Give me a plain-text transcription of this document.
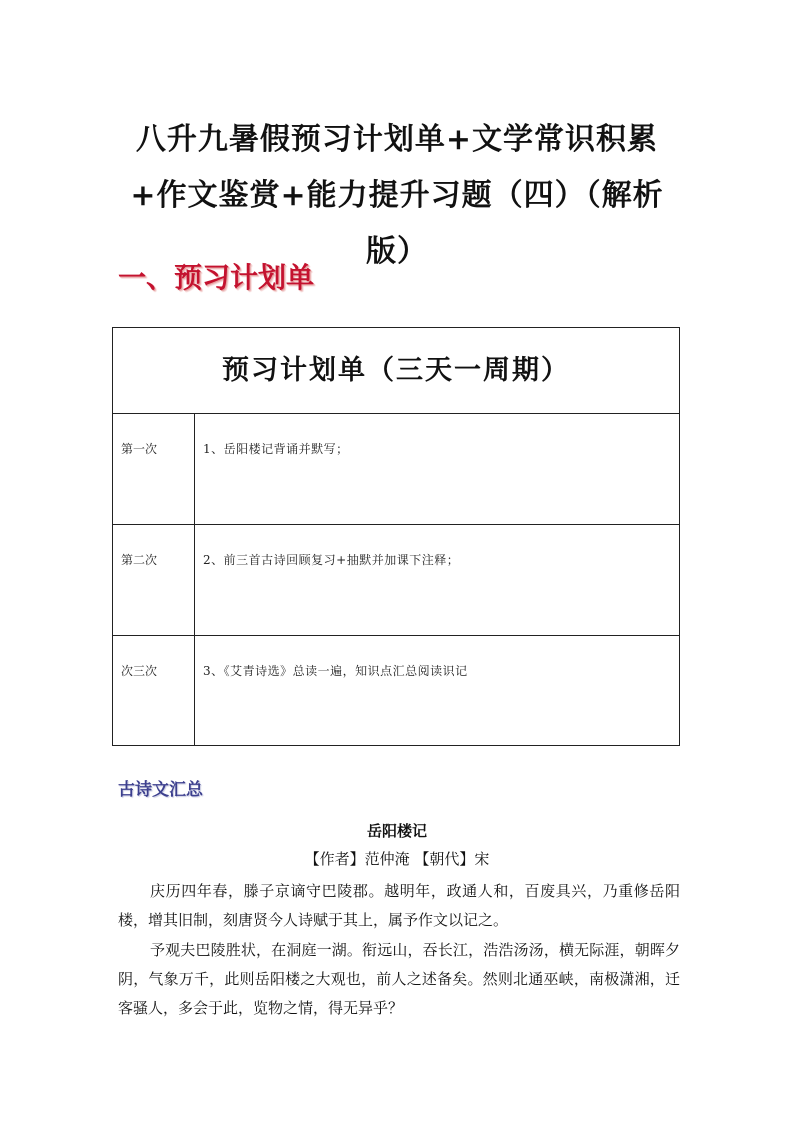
八升九暑假预习计划单+文学常识积累+作文鉴赏+能力提升习题（四）（解析版）
一、预习计划单
预习计划单（三天一周期）
第一次	1、岳阳楼记背诵并默写；
第二次	2、前三首古诗回顾复习+抽默并加课下注释；
次三次	3、《艾青诗选》总读一遍，知识点汇总阅读识记
古诗文汇总
岳阳楼记
【作者】范仲淹 【朝代】宋

庆历四年春，滕子京谪守巴陵郡。越明年，政通人和，百废具兴，乃重修岳阳楼，增其旧制，刻唐贤今人诗赋于其上，属予作文以记之。

予观夫巴陵胜状，在洞庭一湖。衔远山，吞长江，浩浩汤汤，横无际涯，朝晖夕阴，气象万千，此则岳阳楼之大观也，前人之述备矣。然则北通巫峡，南极潇湘，迁客骚人，多会于此，览物之情，得无异乎？
